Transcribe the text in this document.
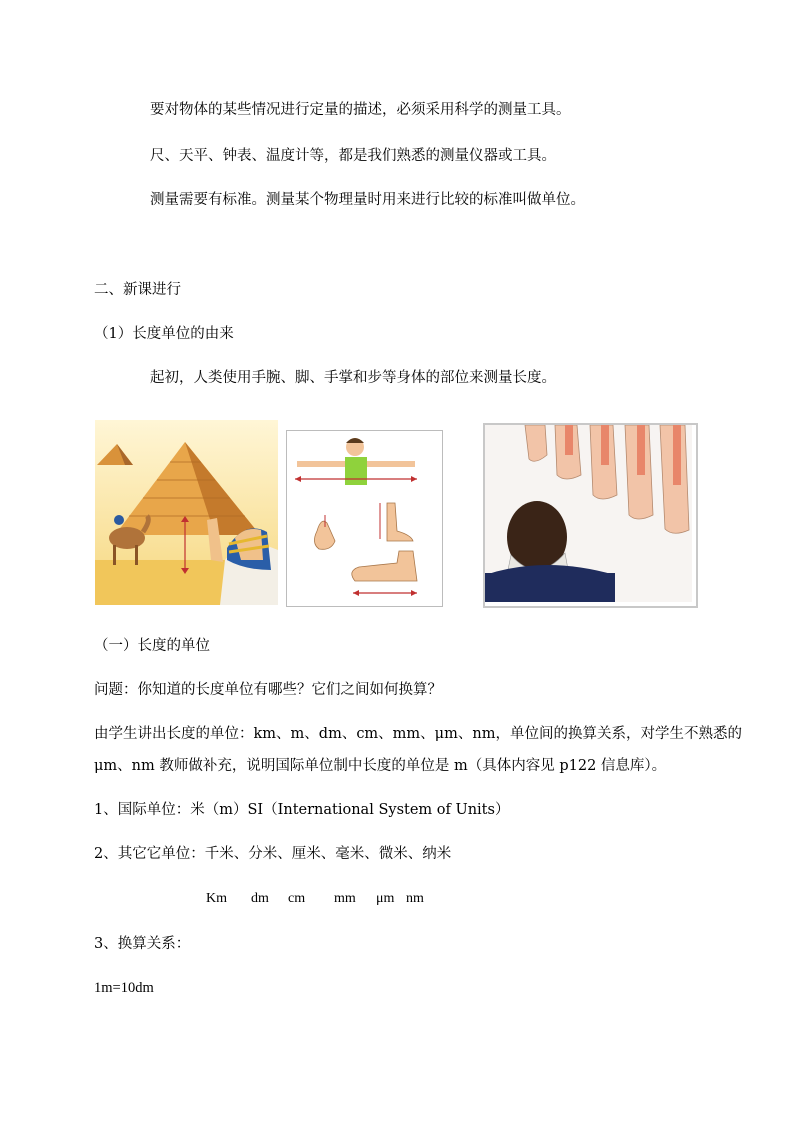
要对物体的某些情况进行定量的描述，必须采用科学的测量工具。
尺、天平、钟表、温度计等，都是我们熟悉的测量仪器或工具。
测量需要有标准。测量某个物理量时用来进行比较的标准叫做单位。
二、新课进行
（1）长度单位的由来
起初，人类使用手腕、脚、手掌和步等身体的部位来测量长度。
（一）长度的单位
问题：你知道的长度单位有哪些？它们之间如何换算？
由学生讲出长度的单位：km、m、dm、cm、mm、μm、nm，单位间的换算关系，对学生不熟悉的
μm、nm 教师做补充，说明国际单位制中长度的单位是 m（具体内容见 p122 信息库）。
1、国际单位：米（m）SI（International System of Units）
2、其它它单位：千米、分米、厘米、毫米、微米、纳米
Km dm cm mm μm nm
3、换算关系：
1m=10dm
